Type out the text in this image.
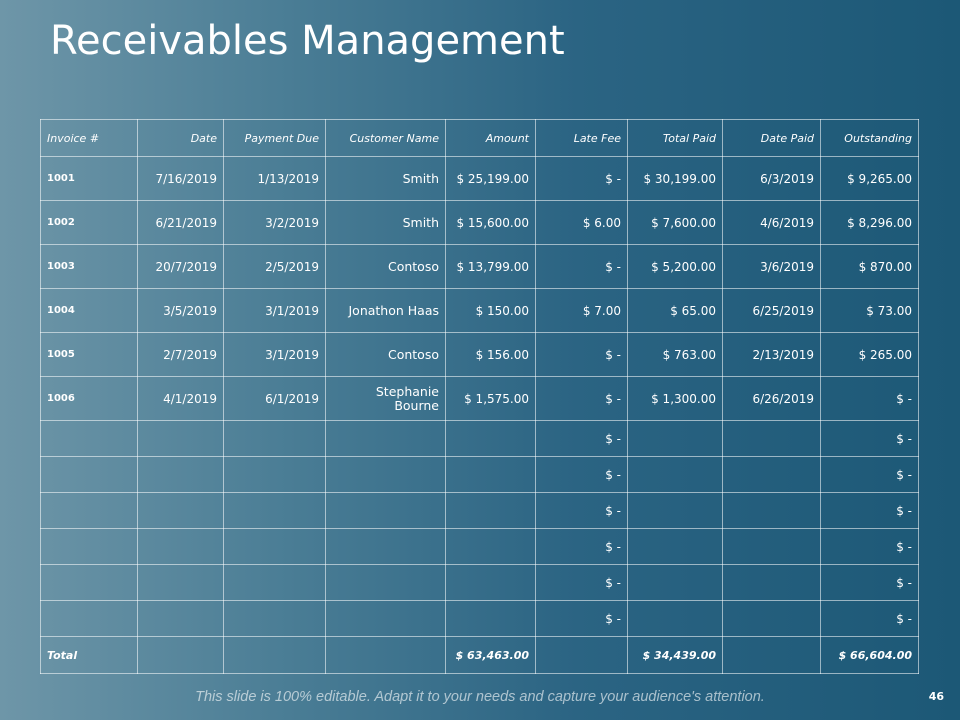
Receivables Management
Invoice #	Date	Payment Due	Customer Name	Amount	Late Fee	Total Paid	Date Paid	Outstanding
1001	7/16/2019	1/13/2019	Smith	$ 25,199.00	$ -	$ 30,199.00	6/3/2019	$ 9,265.00
1002	6/21/2019	3/2/2019	Smith	$ 15,600.00	$ 6.00	$ 7,600.00	4/6/2019	$ 8,296.00
1003	20/7/2019	2/5/2019	Contoso	$ 13,799.00	$ -	$ 5,200.00	3/6/2019	$ 870.00
1004	3/5/2019	3/1/2019	Jonathon Haas	$ 150.00	$ 7.00	$ 65.00	6/25/2019	$ 73.00
1005	2/7/2019	3/1/2019	Contoso	$ 156.00	$ -	$ 763.00	2/13/2019	$ 265.00
1006	4/1/2019	6/1/2019	Stephanie Bourne	$ 1,575.00	$ -	$ 1,300.00	6/26/2019	$ -
					$ -			$ -
					$ -			$ -
					$ -			$ -
					$ -			$ -
					$ -			$ -
					$ -			$ -
Total				$ 63,463.00		$ 34,439.00		$ 66,604.00
This slide is 100% editable. Adapt it to your needs and capture your audience's attention.	46
